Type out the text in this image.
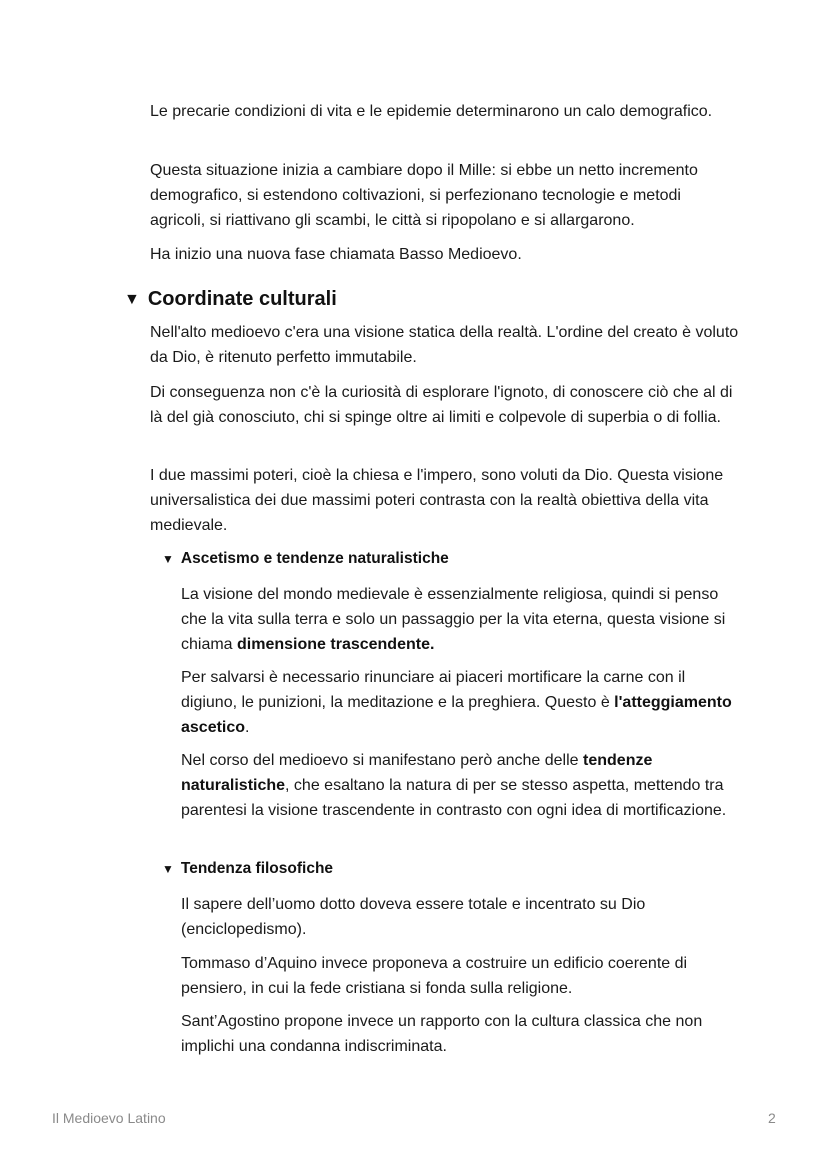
Le precarie condizioni di vita e le epidemie determinarono un calo demografico.

Questa situazione inizia a cambiare dopo il Mille: si ebbe un netto incremento demografico, si estendono coltivazioni, si perfezionano tecnologie e metodi agricoli, si riattivano gli scambi, le città si ripopolano e si allargarono.

Ha inizio una nuova fase chiamata Basso Medioevo.

▼ Coordinate culturali

Nell'alto medioevo c'era una visione statica della realtà. L'ordine del creato è voluto da Dio, è ritenuto perfetto immutabile.

Di conseguenza non c'è la curiosità di esplorare l'ignoto, di conoscere ciò che al di là del già conosciuto, chi si spinge oltre ai limiti e colpevole di superbia o di follia.

I due massimi poteri, cioè la chiesa e l'impero, sono voluti da Dio. Questa visione universalistica dei due massimi poteri contrasta con la realtà obiettiva della vita medievale.

▼ Ascetismo e tendenze naturalistiche

La visione del mondo medievale è essenzialmente religiosa, quindi si penso che la vita sulla terra e solo un passaggio per la vita eterna, questa visione si chiama dimensione trascendente.

Per salvarsi è necessario rinunciare ai piaceri mortificare la carne con il digiuno, le punizioni, la meditazione e la preghiera. Questo è l'atteggiamento ascetico.

Nel corso del medioevo si manifestano però anche delle tendenze naturalistiche, che esaltano la natura di per se stesso aspetta, mettendo tra parentesi la visione trascendente in contrasto con ogni idea di mortificazione.

▼ Tendenza filosofiche

Il sapere dell’uomo dotto doveva essere totale e incentrato su Dio (enciclopedismo).

Tommaso d’Aquino invece proponeva a costruire un edificio coerente di pensiero, in cui la fede cristiana si fonda sulla religione.

Sant’Agostino propone invece un rapporto con la cultura classica che non implichi una condanna indiscriminata.

Il Medioevo Latino	2
